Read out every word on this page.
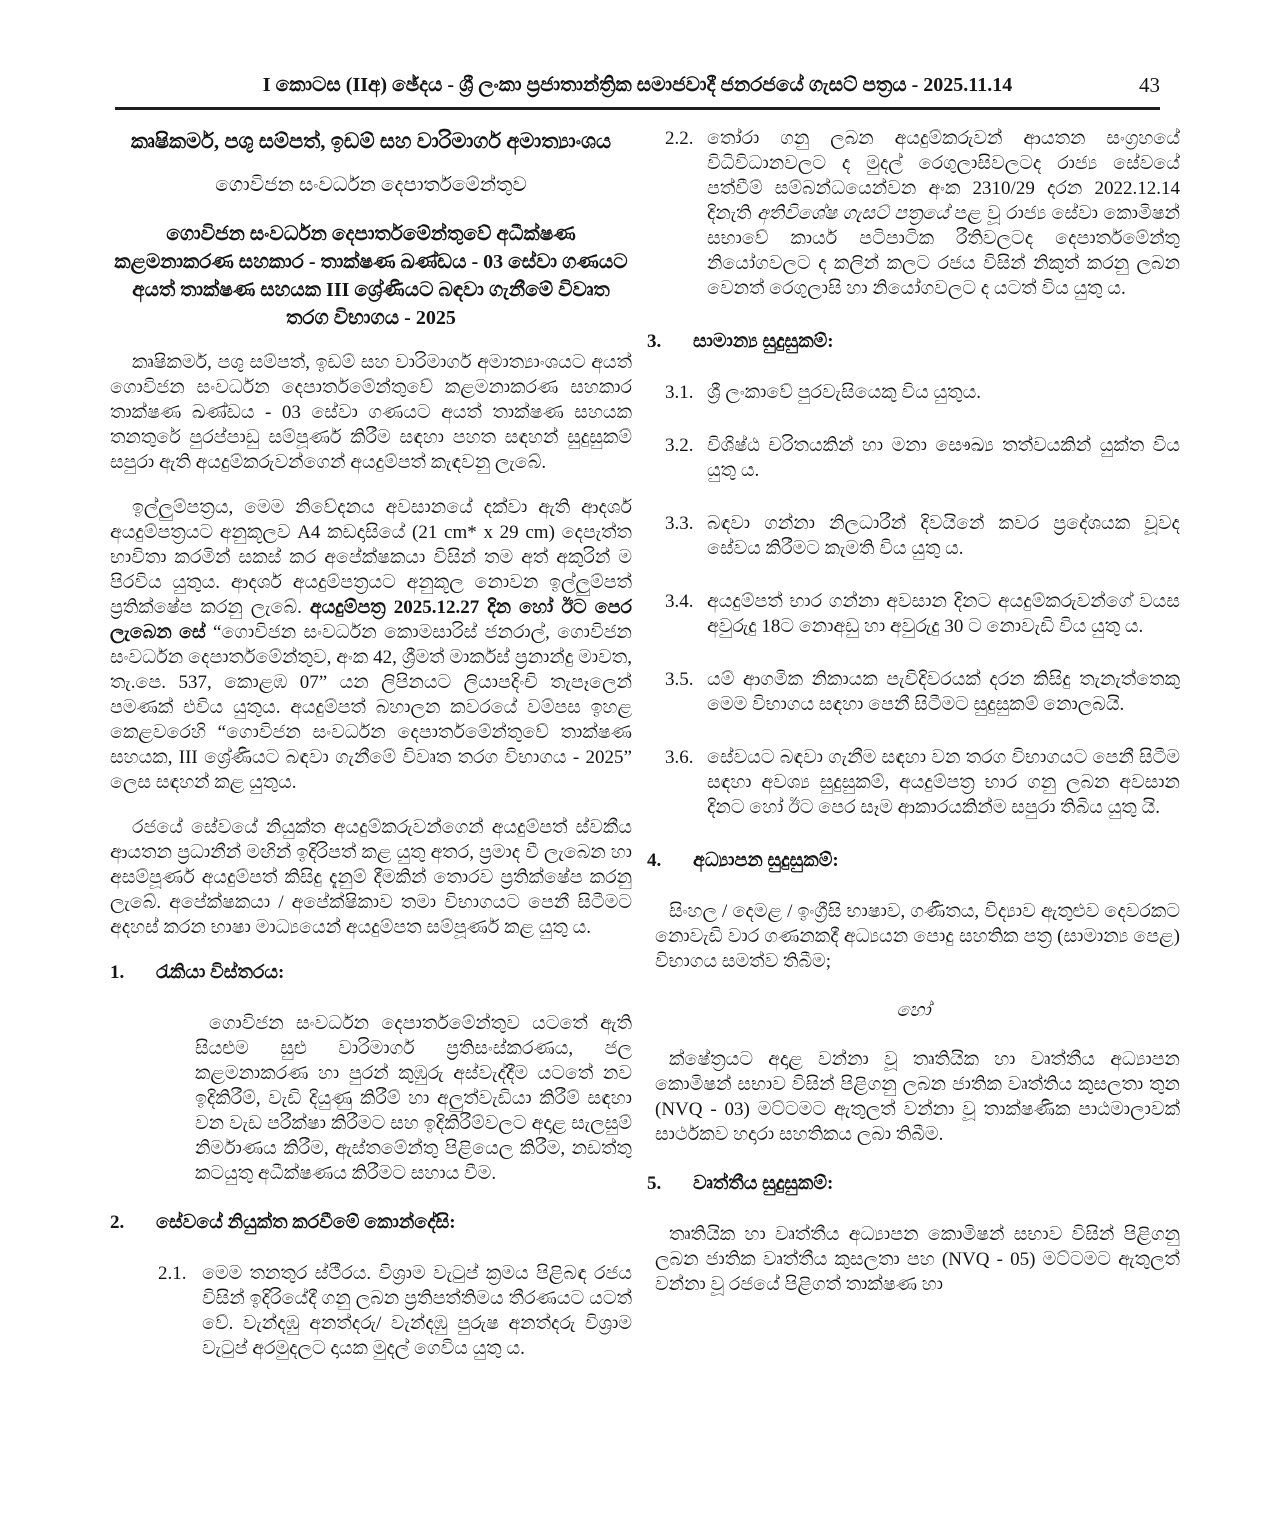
I කොටස (IIඅ) ඡේදය - ශ්‍රී ලංකා ප්‍රජාතාන්ත්‍රික සමාජවාදී ජනරජයේ ගැසට් පත්‍රය - 2025.11.14	43
කෘෂිකර්ම, පශු සම්පත්, ඉඩම් සහ වාරිමාර්ග අමාත්‍යාංශය
ගොවිජන සංවර්ධන දෙපාර්තමේන්තුව
ගොවිජන සංවර්ධන දෙපාර්තමේන්තුවේ අධීක්ෂණ කළමනාකරණ සහකාර - තාක්ෂණ ඛණ්ඩය - 03 සේවා ගණයට අයත් තාක්ෂණ සහයක III ශ්‍රේණියට බඳවා ගැනීමේ විවෘත තරග විභාගය - 2025
කෘෂිකර්ම, පශු සම්පත්, ඉඩම් සහ වාරිමාර්ග අමාත්‍යාංශයට අයත් ගොවිජන සංවර්ධන දෙපාර්තමේන්තුවේ කළමනාකරණ සහකාර තාක්ෂණ ඛණ්ඩය - 03 සේවා ගණයට අයත් තාක්ෂණ සහයක තනතුරේ පුරප්පාඩු සම්පූර්ණ කිරීම සඳහා පහත සඳහන් සුදුසුකම් සපුරා ඇති අයදුම්කරුවන්ගෙන් අයදුම්පත් කැඳවනු ලැබේ.
ඉල්ලුම්පත්‍රය, මෙම නිවේදනය අවසානයේ දක්වා ඇති ආදර්ශ අයදුම්පත්‍රයට අනුකූලව A4 කඩදාසියේ (21 cm* x 29 cm) දෙපැත්ත භාවිතා කරමින් සකස් කර අපේක්ෂකයා විසින් තම අත් අකුරින් ම පිරවිය යුතුය. ආදර්ශ අයදුම්පත්‍රයට අනුකූල නොවන ඉල්ලුම්පත් ප්‍රතික්ෂේප කරනු ලැබේ. අයදුම්පත්‍ර 2025.12.27 දින හෝ ඊට පෙර ලැබෙන සේ “ගොවිජන සංවර්ධන කොමසාරිස් ජනරාල්, ගොවිජන සංවර්ධන දෙපාර්තමේන්තුව, අංක 42, ශ්‍රීමත් මාර්කස් ප්‍රනාන්දු මාවත, තැ.පෙ. 537, කොළඹ 07” යන ලිපිනයට ලියාපදිංචි තැපෑලෙන් පමණක් එවිය යුතුය. අයදුම්පත් බහාලන කවරයේ වම්පස ඉහළ කෙළවරෙහි “ගොවිජන සංවර්ධන දෙපාර්තමේන්තුවේ තාක්ෂණ සහයක, III ශ්‍රේණියට බඳවා ගැනීමේ විවෘත තරග විභාගය - 2025” ලෙස සඳහන් කළ යුතුය.
රජයේ සේවයේ නියුක්ත අයදුම්කරුවන්ගෙන් අයදුම්පත් ස්වකීය ආයතන ප්‍රධානීන් මඟින් ඉදිරිපත් කළ යුතු අතර, ප්‍රමාද වී ලැබෙන හා අසම්පූර්ණ අයදුම්පත් කිසිදු දැනුම් දීමකින් තොරව ප්‍රතික්ෂේප කරනු ලැබේ. අපේක්ෂකයා / අපේක්ෂිකාව තමා විභාගයට පෙනී සිටීමට අදහස් කරන භාෂා මාධ්‍යයෙන් අයදුම්පත සම්පූර්ණ කළ යුතු ය.
1.	රැකියා විස්තරය:
ගොවිජන සංවර්ධන දෙපාර්තමේන්තුව යටතේ ඇති සියළුම සුළු වාරිමාර්ග ප්‍රතිසංස්කරණය, ජල කළමනාකරණ හා පුරන් කුඹුරු අස්වැද්දීම යටතේ නව ඉදිකිරීම්, වැඩි දියුණු කිරීම් හා අලුත්වැඩියා කිරීම් සඳහා වන වැඩ පරීක්ෂා කිරීමට සහ ඉදිකිරීම්වලට අදාළ සැලසුම් නිර්මාණය කිරීම, ඇස්තමේන්තු පිළියෙල කිරීම, නඩත්තු කටයුතු අධීක්ෂණය කිරීමට සහාය වීම.
2.	සේවයේ නියුක්ත කරවීමේ කොන්දේසි:
2.1. මෙම තනතුර ස්ථීරය. විශ්‍රාම වැටුප් ක්‍රමය පිළිබඳ රජය විසින් ඉදිරියේදී ගනු ලබන ප්‍රතිපත්තිමය තීරණයට යටත් වේ. වැන්දඹු අනත්දරු/ වැන්දඹු පුරුෂ අනත්දරු විශ්‍රාම වැටුප් අරමුදලට දායක මුදල් ගෙවිය යුතු ය.
2.2. තෝරා ගනු ලබන අයදුම්කරුවන් ආයතන සංග්‍රහයේ විධිවිධානවලට ද මුදල් රෙගුලාසිවලටද රාජ්‍ය සේවයේ පත්වීම් සම්බන්ධයෙන්වන අංක 2310/29 දරන 2022.12.14 දිනැති අතිවිශේෂ ගැසට් පත්‍රයේ පළ වූ රාජ්‍ය සේවා කොමිෂන් සභාවේ කාර්ය පටිපාටික රීතිවලටද දෙපාර්තමේන්තු නියෝගවලට ද කලින් කලට රජය විසින් නිකුත් කරනු ලබන වෙනත් රෙගුලාසි හා නියෝගවලට ද යටත් විය යුතු ය.
3.	සාමාන්‍ය සුදුසුකම්:
3.1. ශ්‍රී ලංකාවේ පුරවැසියෙකු විය යුතුය.
3.2. විශිෂ්ඨ චරිතයකින් හා මනා සෞඛ්‍ය තත්වයකින් යුක්ත විය යුතු ය.
3.3. බඳවා ගන්නා නිලධාරීන් දිවයිනේ කවර ප්‍රදේශයක වූවද සේවය කිරීමට කැමති විය යුතු ය.
3.4. අයදුම්පත් භාර ගන්නා අවසාන දිනට අයදුම්කරුවන්ගේ වයස අවුරුදු 18ට නොඅඩු හා අවුරුදු 30 ට නොවැඩි විය යුතු ය.
3.5. යම් ආගමික නිකායක පැවිදිවරයක් දරන කිසිදු තැනැත්තෙකු මෙම විභාගය සඳහා පෙනී සිටීමට සුදුසුකම් නොලබයි.
3.6. සේවයට බඳවා ගැනීම සඳහා වන තරග විභාගයට පෙනී සිටීම සඳහා අවශ්‍ය සුදුසුකම්, අයදුම්පත්‍ර භාර ගනු ලබන අවසාන දිනට හෝ ඊට පෙර සෑම ආකාරයකින්ම සපුරා තිබිය යුතු යි.
4.	අධ්‍යාපන සුදුසුකම්:
සිංහල / දෙමළ / ඉංග්‍රීසි භාෂාව, ගණිතය, විද්‍යාව ඇතුළුව දෙවරකට නොවැඩි වාර ගණනකදී අධ්‍යයන පොදු සහතික පත්‍ර (සාමාන්‍ය පෙළ) විභාගය සමත්ව තිබීම;
හෝ
ක්ෂේත්‍රයට අදාළ වන්නා වූ තෘතියික හා වෘත්තීය අධ්‍යාපන කොමිෂන් සභාව විසින් පිළිගනු ලබන ජාතික වෘත්තිය කුසලතා තුන (NVQ - 03) මට්ටමට ඇතුලත් වන්නා වූ තාක්ෂණික පාඨමාලාවක් සාර්ථකව හදාරා සහතිකය ලබා තිබීම.
5.	වෘත්තීය සුදුසුකම්:
තෘතියික හා වෘත්තීය අධ්‍යාපන කොමිෂන් සභාව විසින් පිළිගනු ලබන ජාතික වෘත්තීය කුසලතා පහ (NVQ - 05) මට්ටමට ඇතුලත් වන්නා වූ රජයේ පිළිගත් තාක්ෂණ හා
